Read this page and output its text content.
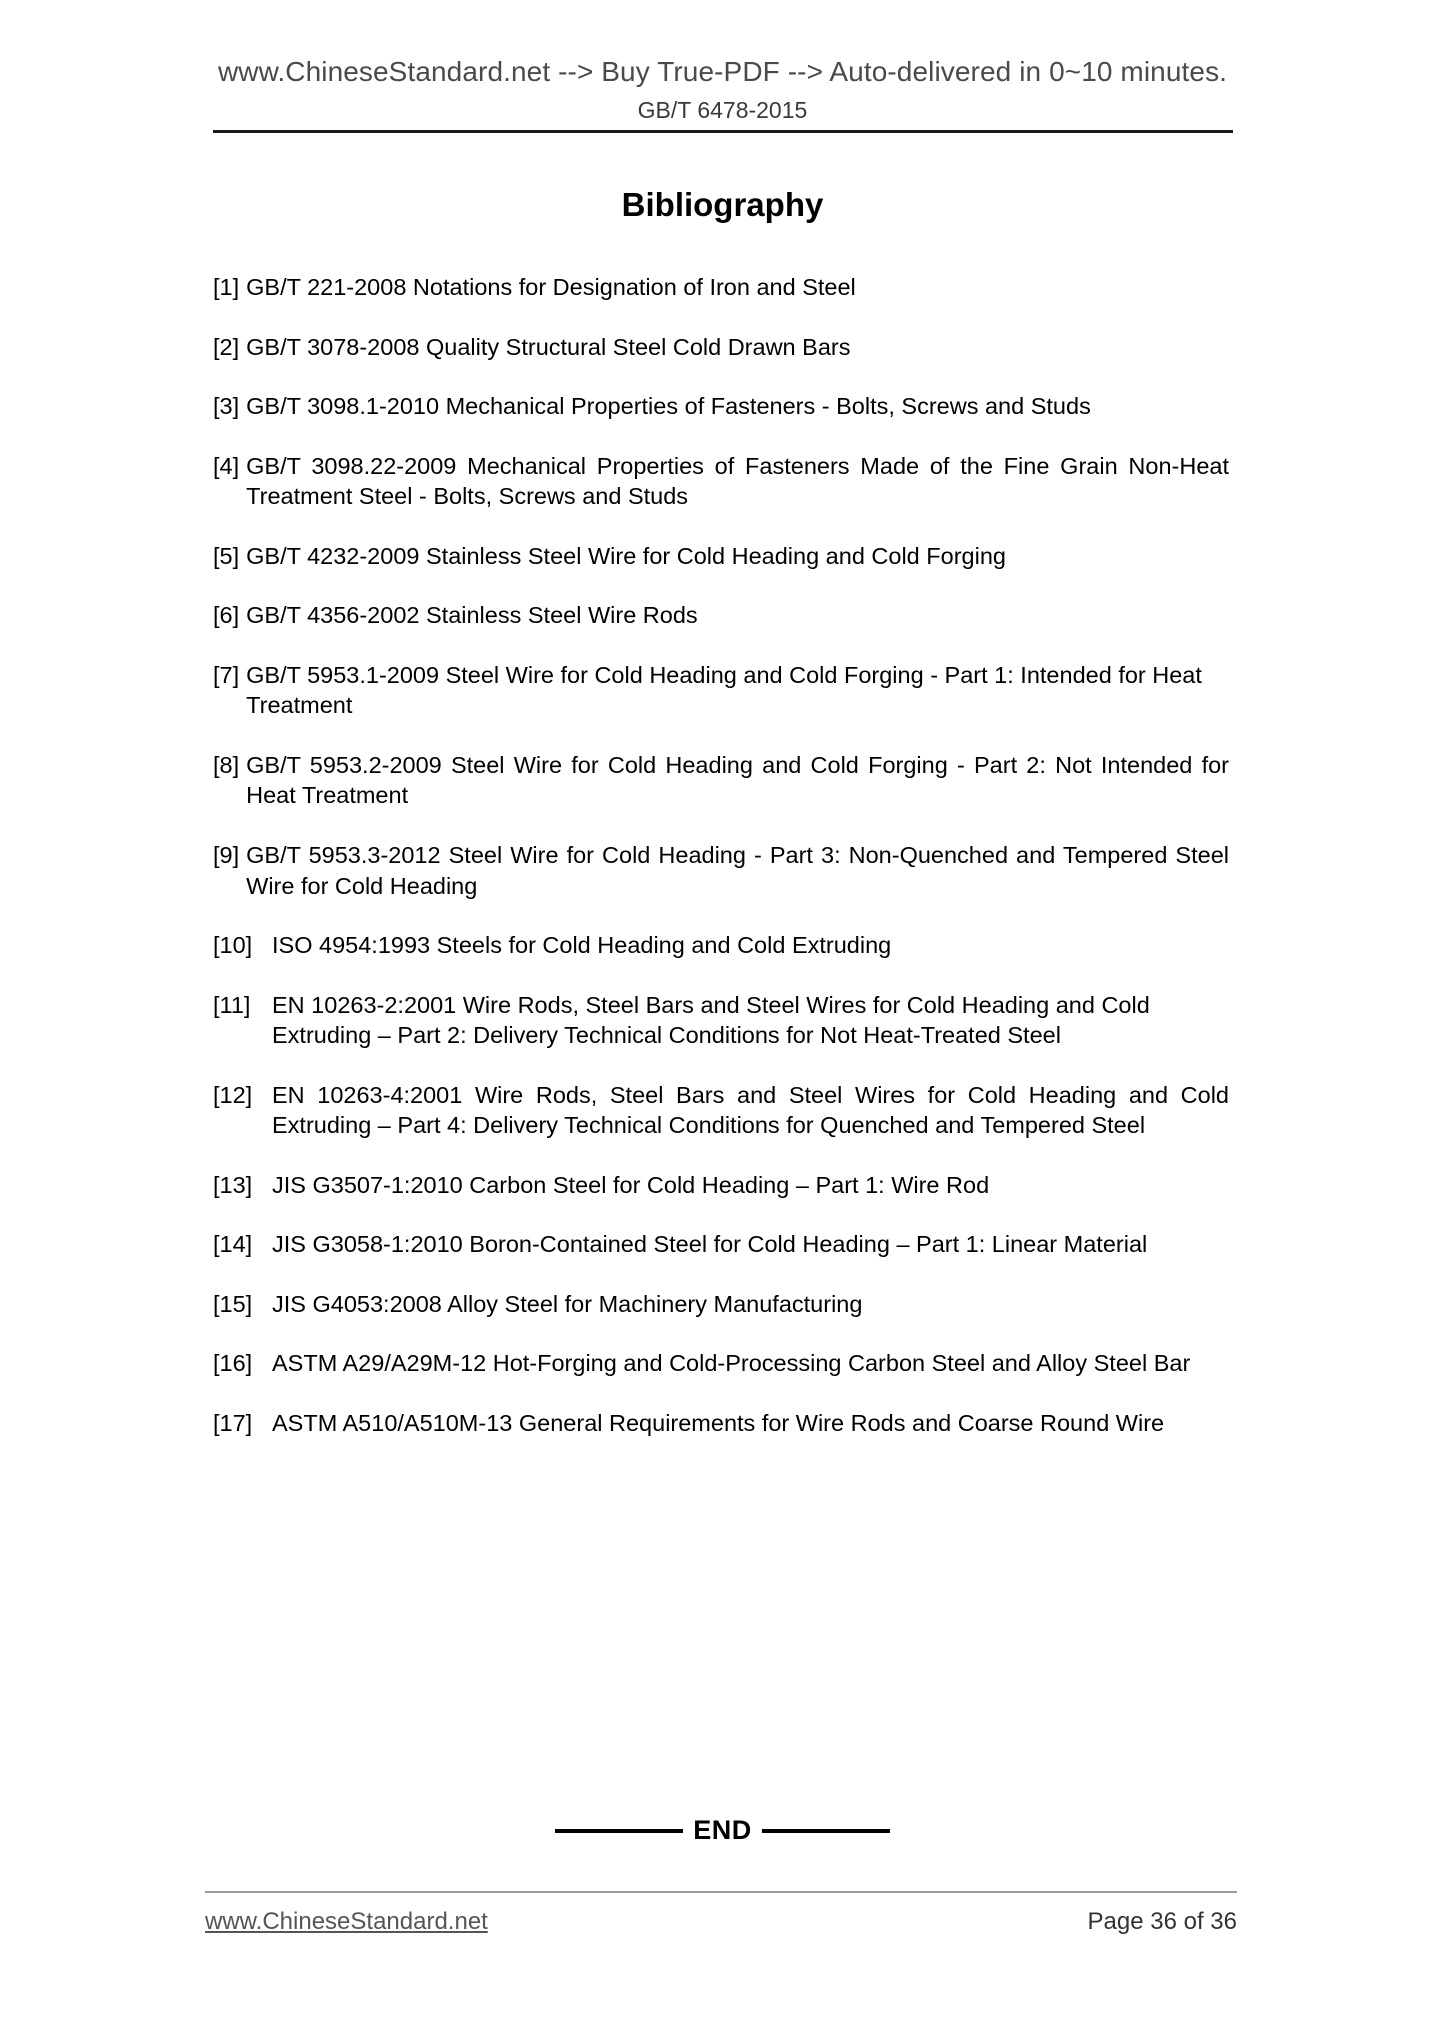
www.ChineseStandard.net --> Buy True-PDF --> Auto-delivered in 0~10 minutes.
GB/T 6478-2015
Bibliography
[1] GB/T 221-2008 Notations for Designation of Iron and Steel
[2] GB/T 3078-2008 Quality Structural Steel Cold Drawn Bars
[3] GB/T 3098.1-2010 Mechanical Properties of Fasteners - Bolts, Screws and Studs
[4] GB/T 3098.22-2009 Mechanical Properties of Fasteners Made of the Fine Grain Non-Heat Treatment Steel - Bolts, Screws and Studs
[5] GB/T 4232-2009 Stainless Steel Wire for Cold Heading and Cold Forging
[6] GB/T 4356-2002 Stainless Steel Wire Rods
[7] GB/T 5953.1-2009 Steel Wire for Cold Heading and Cold Forging - Part 1: Intended for Heat Treatment
[8] GB/T 5953.2-2009 Steel Wire for Cold Heading and Cold Forging - Part 2: Not Intended for Heat Treatment
[9] GB/T 5953.3-2012 Steel Wire for Cold Heading - Part 3: Non-Quenched and Tempered Steel Wire for Cold Heading
[10] ISO 4954:1993 Steels for Cold Heading and Cold Extruding
[11] EN 10263-2:2001 Wire Rods, Steel Bars and Steel Wires for Cold Heading and Cold Extruding – Part 2: Delivery Technical Conditions for Not Heat-Treated Steel
[12] EN 10263-4:2001 Wire Rods, Steel Bars and Steel Wires for Cold Heading and Cold Extruding – Part 4: Delivery Technical Conditions for Quenched and Tempered Steel
[13] JIS G3507-1:2010 Carbon Steel for Cold Heading – Part 1: Wire Rod
[14] JIS G3058-1:2010 Boron-Contained Steel for Cold Heading – Part 1: Linear Material
[15] JIS G4053:2008 Alloy Steel for Machinery Manufacturing
[16] ASTM A29/A29M-12 Hot-Forging and Cold-Processing Carbon Steel and Alloy Steel Bar
[17] ASTM A510/A510M-13 General Requirements for Wire Rods and Coarse Round Wire
END
www.ChineseStandard.net	Page 36 of 36
